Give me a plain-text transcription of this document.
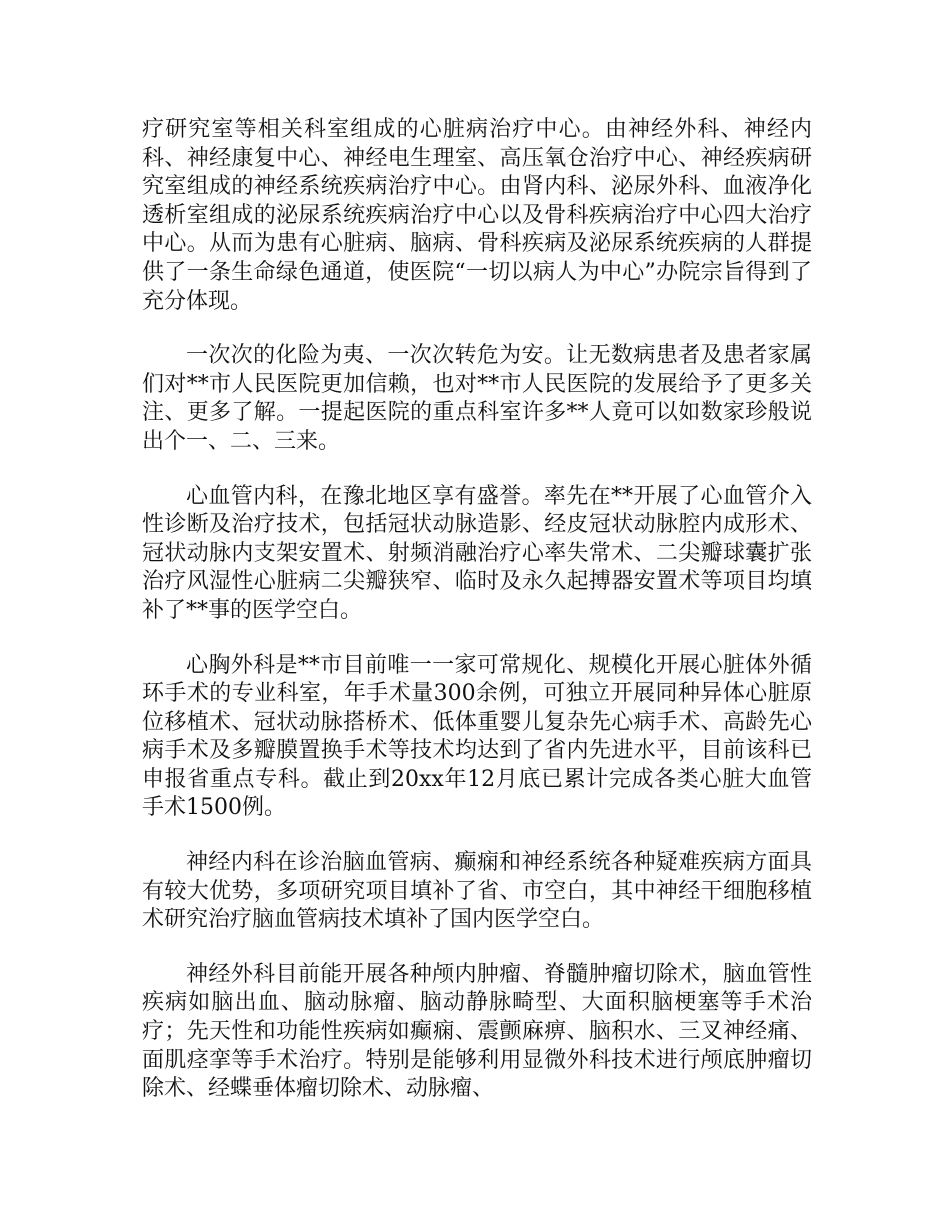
疗研究室等相关科室组成的心脏病治疗中心。由神经外科、神经内科、神经康复中心、神经电生理室、高压氧仓治疗中心、神经疾病研究室组成的神经系统疾病治疗中心。由肾内科、泌尿外科、血液净化透析室组成的泌尿系统疾病治疗中心以及骨科疾病治疗中心四大治疗中心。从而为患有心脏病、脑病、骨科疾病及泌尿系统疾病的人群提供了一条生命绿色通道，使医院“一切以病人为中心”办院宗旨得到了充分体现。

一次次的化险为夷、一次次转危为安。让无数病患者及患者家属们对**市人民医院更加信赖，也对**市人民医院的发展给予了更多关注、更多了解。一提起医院的重点科室许多**人竟可以如数家珍般说出个一、二、三来。

心血管内科，在豫北地区享有盛誉。率先在**开展了心血管介入性诊断及治疗技术，包括冠状动脉造影、经皮冠状动脉腔内成形术、冠状动脉内支架安置术、射频消融治疗心率失常术、二尖瓣球囊扩张治疗风湿性心脏病二尖瓣狭窄、临时及永久起搏器安置术等项目均填补了**事的医学空白。

心胸外科是**市目前唯一一家可常规化、规模化开展心脏体外循环手术的专业科室，年手术量300余例，可独立开展同种异体心脏原位移植术、冠状动脉搭桥术、低体重婴儿复杂先心病手术、高龄先心病手术及多瓣膜置换手术等技术均达到了省内先进水平，目前该科已申报省重点专科。截止到20xx年12月底已累计完成各类心脏大血管手术1500例。

神经内科在诊治脑血管病、癫痫和神经系统各种疑难疾病方面具有较大优势，多项研究项目填补了省、市空白，其中神经干细胞移植术研究治疗脑血管病技术填补了国内医学空白。

神经外科目前能开展各种颅内肿瘤、脊髓肿瘤切除术，脑血管性疾病如脑出血、脑动脉瘤、脑动静脉畸型、大面积脑梗塞等手术治疗；先天性和功能性疾病如癫痫、震颤麻痹、脑积水、三叉神经痛、面肌痉挛等手术治疗。特别是能够利用显微外科技术进行颅底肿瘤切除术、经蝶垂体瘤切除术、动脉瘤、
